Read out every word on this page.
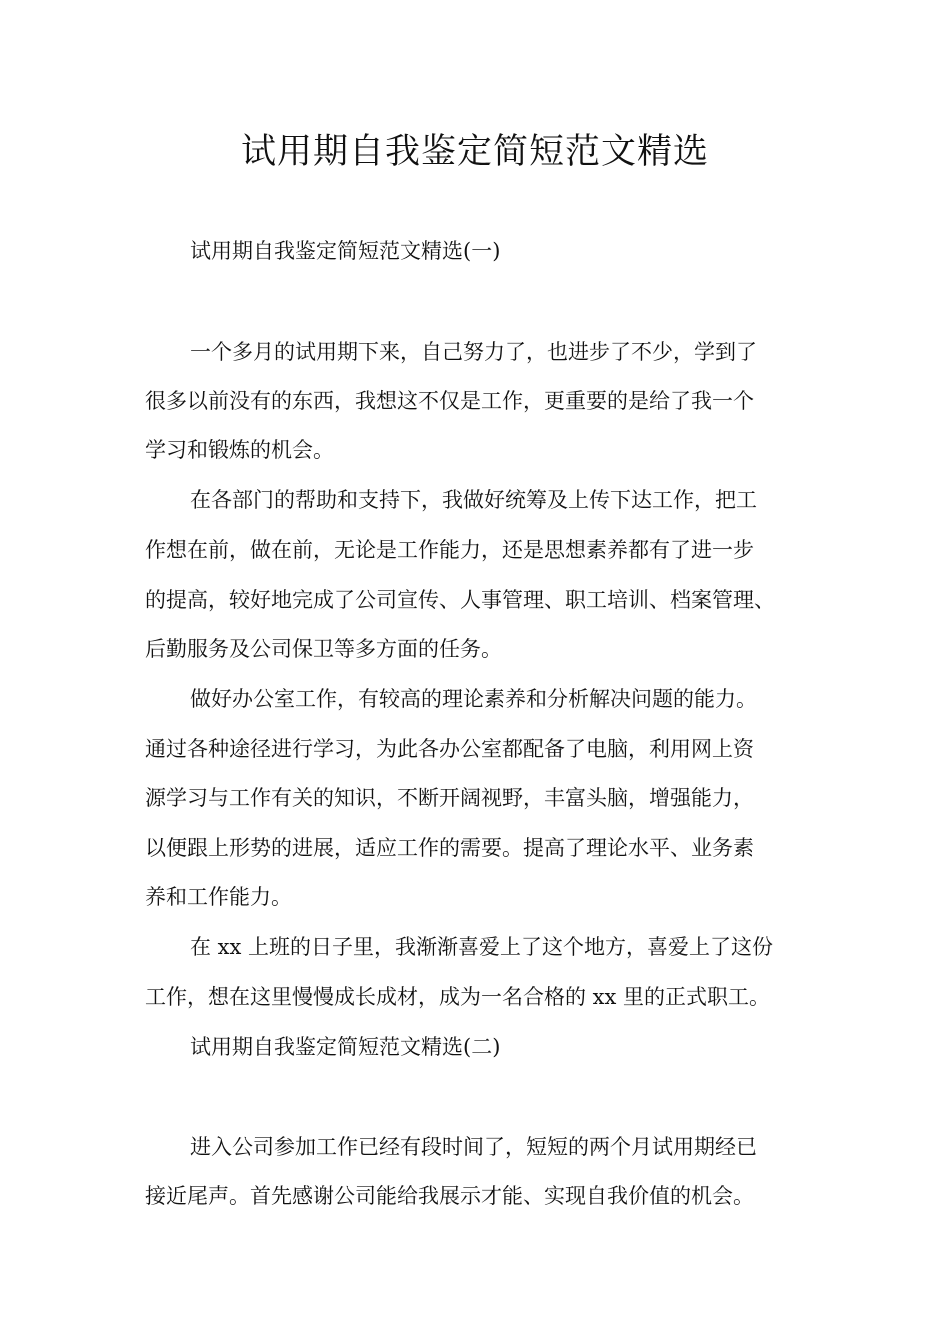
试用期自我鉴定简短范文精选
试用期自我鉴定简短范文精选(一)
一个多月的试用期下来，自己努力了，也进步了不少，学到了
很多以前没有的东西，我想这不仅是工作，更重要的是给了我一个
学习和锻炼的机会。
在各部门的帮助和支持下，我做好统筹及上传下达工作，把工
作想在前，做在前，无论是工作能力，还是思想素养都有了进一步
的提高，较好地完成了公司宣传、人事管理、职工培训、档案管理、
后勤服务及公司保卫等多方面的任务。
做好办公室工作，有较高的理论素养和分析解决问题的能力。
通过各种途径进行学习，为此各办公室都配备了电脑，利用网上资
源学习与工作有关的知识，不断开阔视野，丰富头脑，增强能力，
以便跟上形势的进展，适应工作的需要。提高了理论水平、业务素
养和工作能力。
在 xx 上班的日子里，我渐渐喜爱上了这个地方，喜爱上了这份
工作，想在这里慢慢成长成材，成为一名合格的 xx 里的正式职工。
试用期自我鉴定简短范文精选(二)
进入公司参加工作已经有段时间了，短短的两个月试用期经已
接近尾声。首先感谢公司能给我展示才能、实现自我价值的机会。
